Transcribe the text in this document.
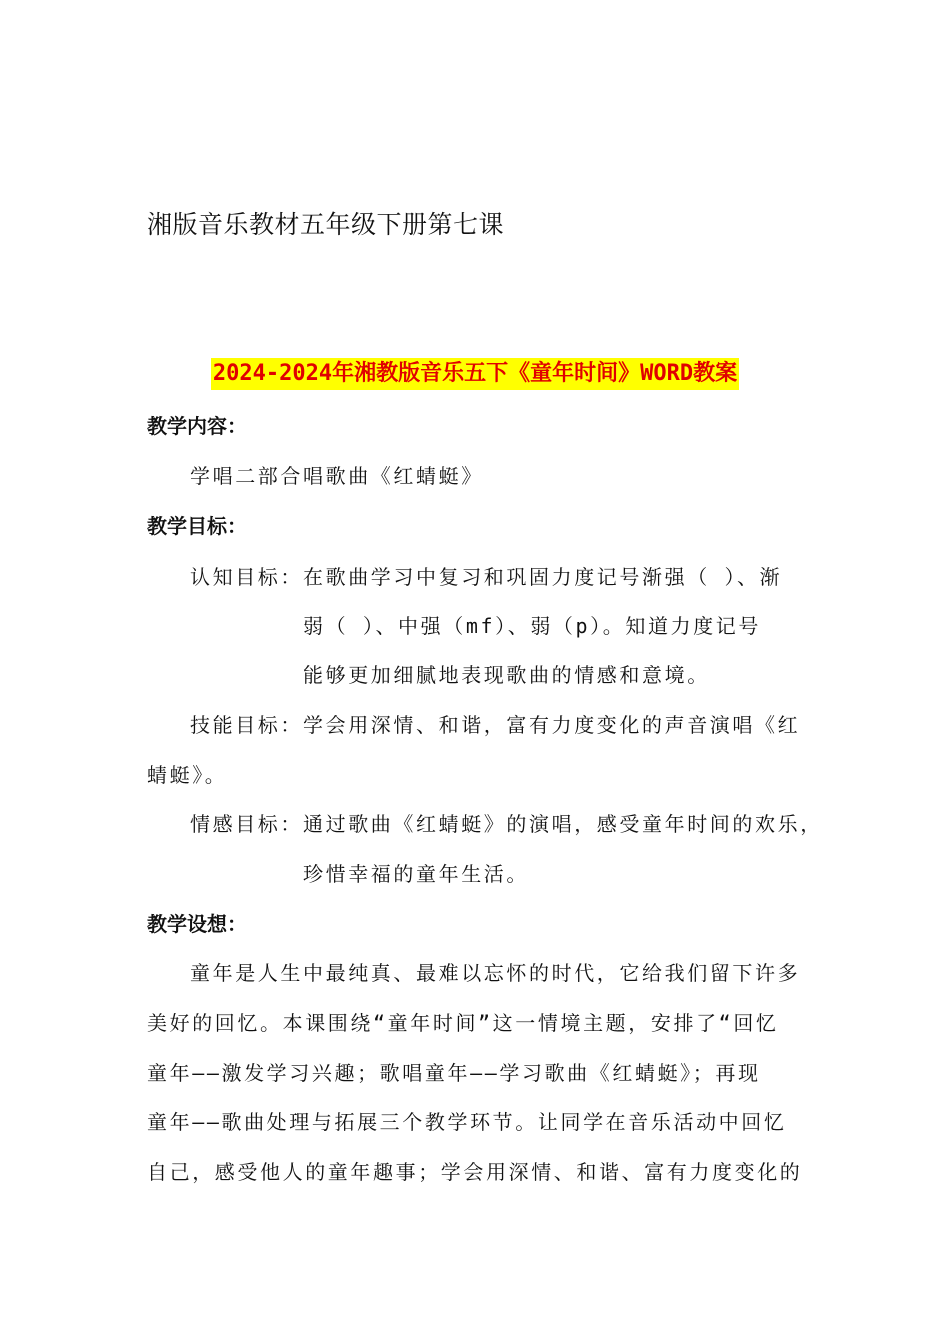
湘版音乐教材五年级下册第七课
2024-2024年湘教版音乐五下《童年时间》WORD教案
教学内容：
学唱二部合唱歌曲《红蜻蜓》
教学目标：
认知目标： 在歌曲学习中复习和巩固力度记号渐强（ ）、渐
弱（ ）、中强（mf）、弱（p）。知道力度记号
能够更加细腻地表现歌曲的情感和意境。
技能目标： 学会用深情、和谐，富有力度变化的声音演唱《红
蜻蜓》。
情感目标： 通过歌曲《红蜻蜓》的演唱，感受童年时间的欢乐，
珍惜幸福的童年生活。
教学设想：
童年是人生中最纯真、最难以忘怀的时代，它给我们留下许多
美好的回忆。本课围绕“童年时间”这一情境主题，安排了“回忆
童年——激发学习兴趣；歌唱童年——学习歌曲《红蜻蜓》；再现
童年——歌曲处理与拓展三个教学环节。让同学在音乐活动中回忆
自己，感受他人的童年趣事；学会用深情、和谐、富有力度变化的
